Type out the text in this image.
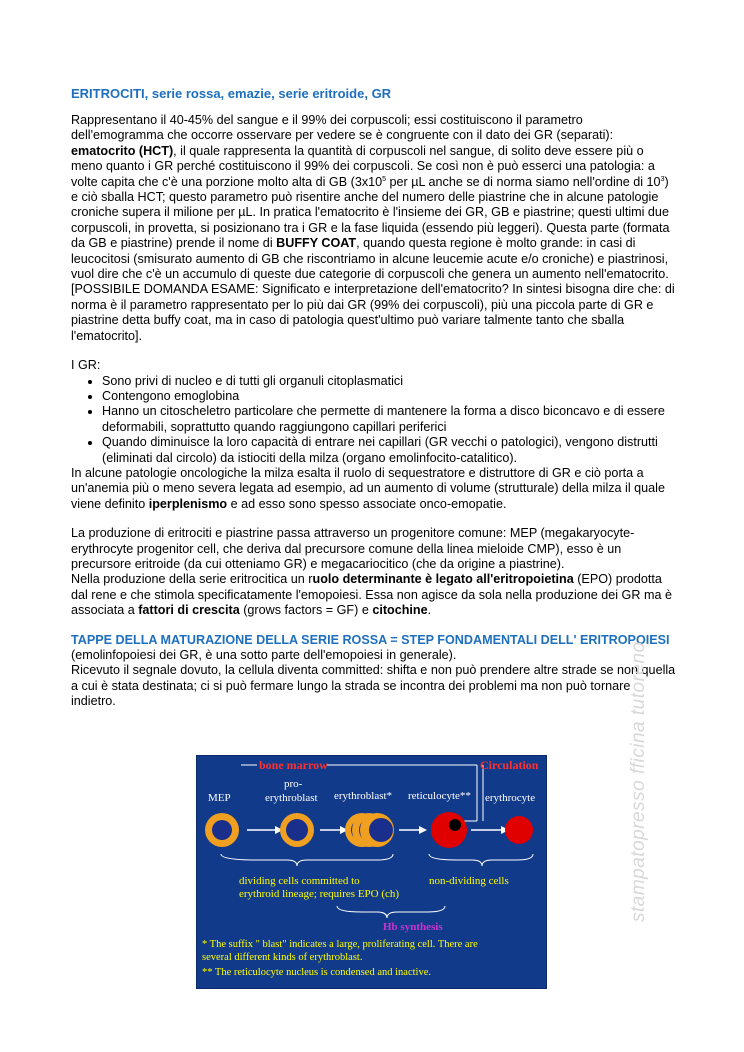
ERITROCITI, serie rossa, emazie, serie eritroide, GR

Rappresentano il 40-45% del sangue e il 99% dei corpuscoli; essi costituiscono il parametro dell'emogramma che occorre osservare per vedere se è congruente con il dato dei GR (separati): ematocrito (HCT), il quale rappresenta la quantità di corpuscoli nel sangue, di solito deve essere più o meno quanto i GR perché costituiscono il 99% dei corpuscoli. Se così non è può esserci una patologia: a volte capita che c'è una porzione molto alta di GB ($3x10^5$ per µL anche se di norma siamo nell'ordine di $10^3$) e ciò sballa HCT; questo parametro può risentire anche del numero delle piastrine che in alcune patologie croniche supera il milione per µL. In pratica l'ematocrito è l'insieme dei GR, GB e piastrine; questi ultimi due corpuscoli, in provetta, si posizionano tra i GR e la fase liquida (essendo più leggeri). Questa parte (formata da GB e piastrine) prende il nome di BUFFY COAT, quando questa regione è molto grande: in casi di leucocitosi (smisurato aumento di GB che riscontriamo in alcune leucemie acute e/o croniche) e piastrinosi, vuol dire che c'è un accumulo di queste due categorie di corpuscoli che genera un aumento nell'ematocrito. [POSSIBILE DOMANDA ESAME: Significato e interpretazione dell'ematocrito? In sintesi bisogna dire che: di norma è il parametro rappresentato per lo più dai GR (99% dei corpuscoli), più una piccola parte di GR e piastrine detta buffy coat, ma in caso di patologia quest'ultimo può variare talmente tanto che sballa l'ematocrito].

I GR:

• Sono privi di nucleo e di tutti gli organuli citoplasmatici
• Contengono emoglobina
• Hanno un citoscheletro particolare che permette di mantenere la forma a disco biconcavo e di essere deformabili, soprattutto quando raggiungono capillari periferici
• Quando diminuisce la loro capacità di entrare nei capillari (GR vecchi o patologici), vengono distrutti (eliminati dal circolo) da istiociti della milza (organo emolinfocito-catalitico).

In alcune patologie oncologiche la milza esalta il ruolo di sequestratore e distruttore di GR e ciò porta a un'anemia più o meno severa legata ad esempio, ad un aumento di volume (strutturale) della milza il quale viene definito iperplenismo e ad esso sono spesso associate onco-emopatie.

La produzione di eritrociti e piastrine passa attraverso un progenitore comune: MEP (megakaryocyte-erythrocyte progenitor cell, che deriva dal precursore comune della linea mieloide CMP), esso è un precursore eritroide (da cui otteniamo GR) e megacariocitico (che da origine a piastrine).

Nella produzione della serie eritrocitica un ruolo determinante è legato all'eritropoietina (EPO) prodotta dal rene e che stimola specificatamente l'emopoiesi. Essa non agisce da sola nella produzione dei GR ma è associata a fattori di crescita (grows factors = GF) e citochine.

TAPPE DELLA MATURAZIONE DELLA SERIE ROSSA = STEP FONDAMENTALI DELL' ERITROPOIESI (emolinfopoiesi dei GR, è una sotto parte dell'emopoiesi in generale).

Ricevuto il segnale dovuto, la cellula diventa committed: shifta e non può prendere altre strade se non quella a cui è stata destinata; ci si può fermare lungo la strada se incontra dei problemi ma non può tornare indietro.

bone marrow	Circulation
MEP
pro-
erythroblast erythroblast* reticulocyte** erythrocyte
dividing cells committed to
erythroid lineage; requires EPO (ch)
non-dividing cells
Hb synthesis
* The suffix " blast" indicates a large, proliferating cell. There are
several different kinds of erythroblast.
** The reticulocyte nucleus is condensed and inactive.
stampatopresso fficina tutoreno
